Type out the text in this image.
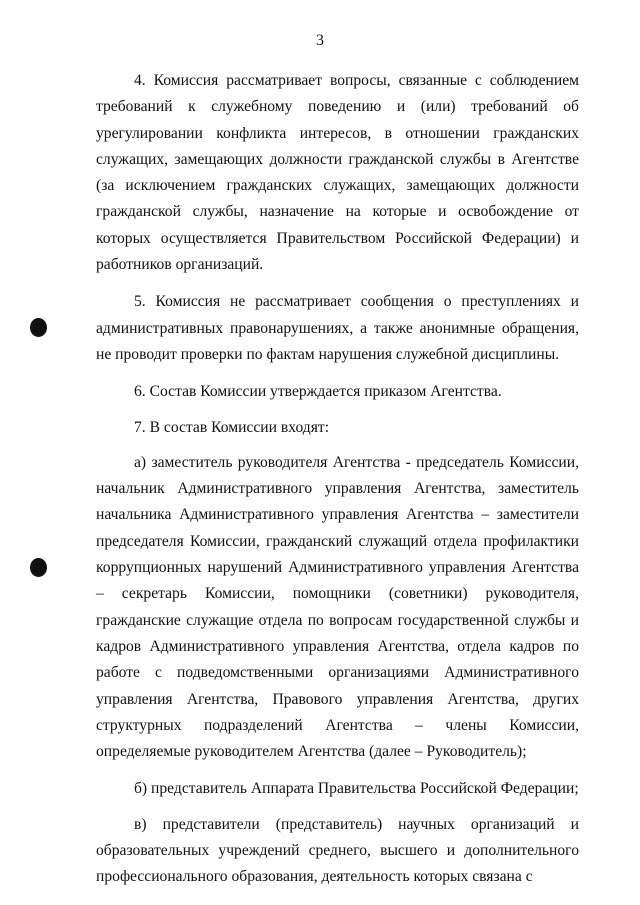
3

4. Комиссия рассматривает вопросы, связанные с соблюдением требований к служебному поведению и (или) требований об урегулировании конфликта интересов, в отношении гражданских служащих, замещающих должности гражданской службы в Агентстве (за исключением гражданских служащих, замещающих должности гражданской службы, назначение на которые и освобождение от которых осуществляется Правительством Российской Федерации) и работников организаций.

5. Комиссия не рассматривает сообщения о преступлениях и административных правонарушениях, а также анонимные обращения, не проводит проверки по фактам нарушения служебной дисциплины.

6. Состав Комиссии утверждается приказом Агентства.

7. В состав Комиссии входят:

а) заместитель руководителя Агентства - председатель Комиссии, начальник Административного управления Агентства, заместитель начальника Административного управления Агентства – заместители председателя Комиссии, гражданский служащий отдела профилактики коррупционных нарушений Административного управления Агентства – секретарь Комиссии, помощники (советники) руководителя, гражданские служащие отдела по вопросам государственной службы и кадров Административного управления Агентства, отдела кадров по работе с подведомственными организациями Административного управления Агентства, Правового управления Агентства, других структурных подразделений Агентства – члены Комиссии, определяемые руководителем Агентства (далее – Руководитель);

б) представитель Аппарата Правительства Российской Федерации;

в) представители (представитель) научных организаций и образовательных учреждений среднего, высшего и дополнительного профессионального образования, деятельность которых связана с
